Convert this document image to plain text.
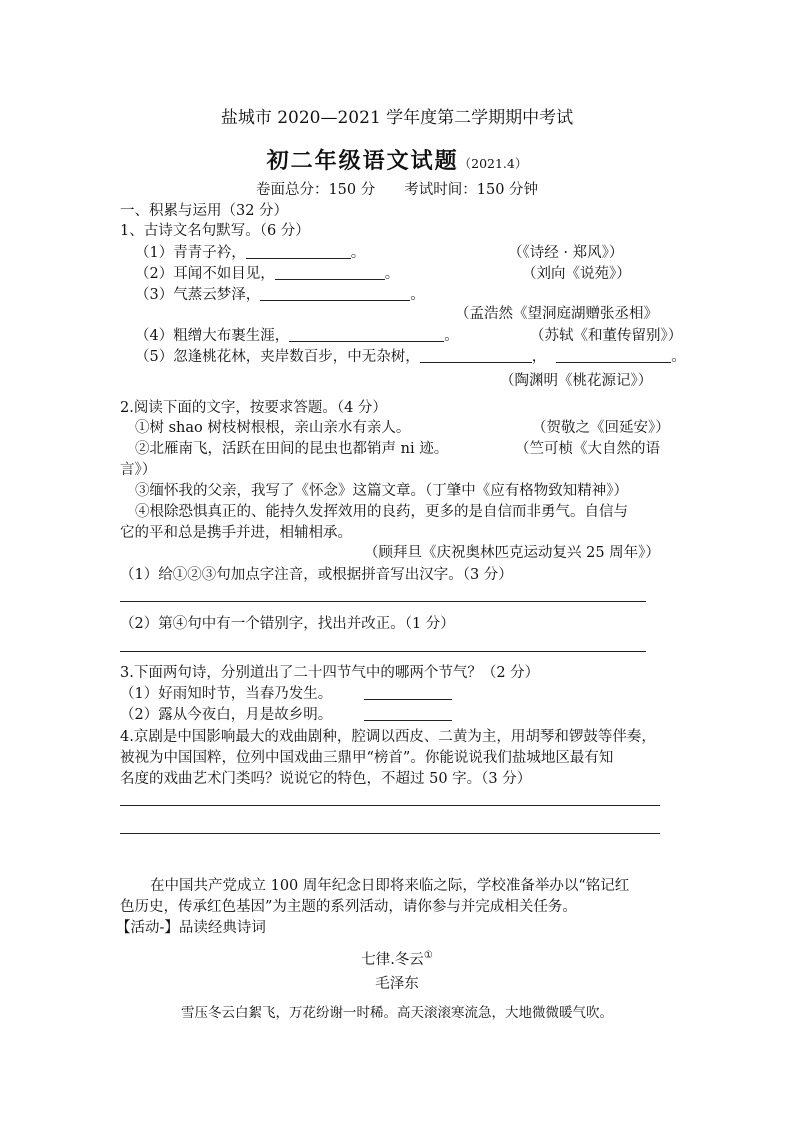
盐城市 2020—2021 学年度第二学期期中考试
初二年级语文试题（2021.4）
卷面总分：150 分　　考试时间：150 分钟
一、积累与运用（32 分）
1、古诗文名句默写。（6 分）
（1）青青子衿，	。	（《诗经 · 郑风》）
（2）耳闻不如目见，	。	（刘向《说苑》）
（3）气蒸云梦泽，	。
（孟浩然《望洞庭湖赠张丞相》
（4）粗缯大布裹生涯，	。	（苏轼《和董传留别》）
（5）忽逢桃花林，夹岸数百步，中无杂树，	，	。
（陶渊明《桃花源记》）
2.阅读下面的文字，按要求答题。（4 分）
①树 shao 树枝树根根，亲山亲水有亲人。	（贺敬之《回延安》）
②北雁南飞，活跃在田间的昆虫也都销声 ni 迹。	（竺可桢《大自然的语
言》）
③缅怀我的父亲，我写了《怀念》这篇文章。（丁肇中《应有格物致知精神》）
④根除恐惧真正的、能持久发挥效用的良药，更多的是自信而非勇气。自信与
它的平和总是携手并进，相辅相承。
（顾拜旦《庆祝奥林匹克运动复兴 25 周年》）
（1）给①②③句加点字注音，或根据拼音写出汉字。（3 分）
（2）第④句中有一个错别字，找出并改正。（1 分）
3.下面两句诗，分别道出了二十四节气中的哪两个节气？（2 分）
（1）好雨知时节，当春乃发生。
（2）露从今夜白，月是故乡明。
4.京剧是中国影响最大的戏曲剧种，腔调以西皮、二黄为主，用胡琴和锣鼓等伴奏，
被视为中国国粹，位列中国戏曲三鼎甲“榜首”。你能说说我们盐城地区最有知
名度的戏曲艺术门类吗？说说它的特色，不超过 50 字。（3 分）
在中国共产党成立 100 周年纪念日即将来临之际，学校准备举办以“铭记红
色历史，传承红色基因”为主题的系列活动，请你参与并完成相关任务。
【活动-】品读经典诗词
七律.冬云①
毛泽东
雪压冬云白絮飞，万花纷谢一时稀。高天滚滚寒流急，大地微微暖气吹。
